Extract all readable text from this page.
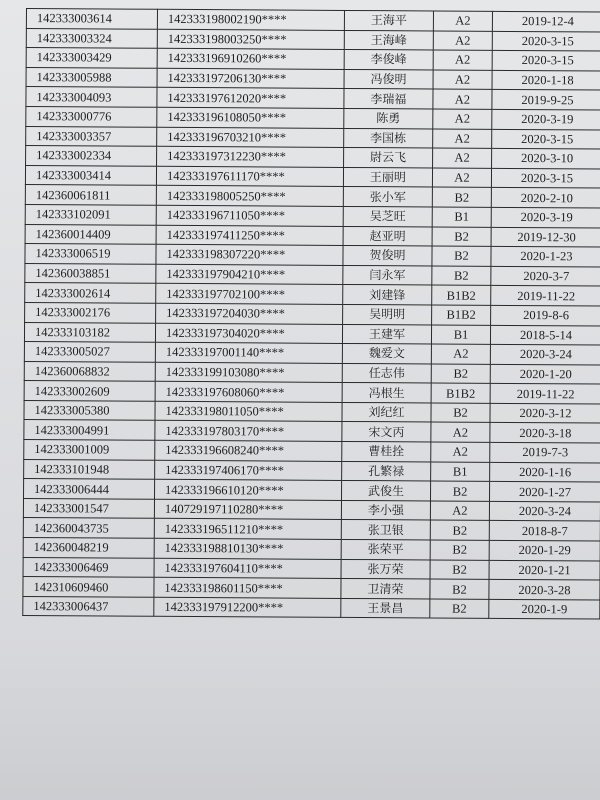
142333003614	142333198002190****	王海平	A2	2019-12-4
142333003324	142333198003250****	王海峰	A2	2020-3-15
142333003429	142333196910260****	李俊峰	A2	2020-3-15
142333005988	142333197206130****	冯俊明	A2	2020-1-18
142333004093	142333197612020****	李瑞福	A2	2019-9-25
142333000776	142333196108050****	陈勇	A2	2020-3-19
142333003357	142333196703210****	李国栋	A2	2020-3-15
142333002334	142333197312230****	尉云飞	A2	2020-3-10
142333003414	142333197611170****	王丽明	A2	2020-3-15
142360061811	142333198005250****	张小军	B2	2020-2-10
142333102091	142333196711050****	吴芝旺	B1	2020-3-19
142360014409	142333197411250****	赵亚明	B2	2019-12-30
142333006519	142333198307220****	贺俊明	B2	2020-1-23
142360038851	142333197904210****	闫永军	B2	2020-3-7
142333002614	142333197702100****	刘建锋	B1B2	2019-11-22
142333002176	142333197204030****	吴明明	B1B2	2019-8-6
142333103182	142333197304020****	王建军	B1	2018-5-14
142333005027	142333197001140****	魏爱文	A2	2020-3-24
142360068832	142333199103080****	任志伟	B2	2020-1-20
142333002609	142333197608060****	冯根生	B1B2	2019-11-22
142333005380	142333198011050****	刘纪红	B2	2020-3-12
142333004991	142333197803170****	宋文丙	A2	2020-3-18
142333001009	142333196608240****	曹桂拴	A2	2019-7-3
142333101948	142333197406170****	孔繁禄	B1	2020-1-16
142333006444	142333196610120****	武俊生	B2	2020-1-27
142333001547	140729197110280****	李小强	A2	2020-3-24
142360043735	142333196511210****	张卫银	B2	2018-8-7
142360048219	142333198810130****	张荣平	B2	2020-1-29
142333006469	142333197604110****	张万荣	B2	2020-1-21
142310609460	142333198601150****	卫清荣	B2	2020-3-28
142333006437	142333197912200****	王景昌	B2	2020-1-9
